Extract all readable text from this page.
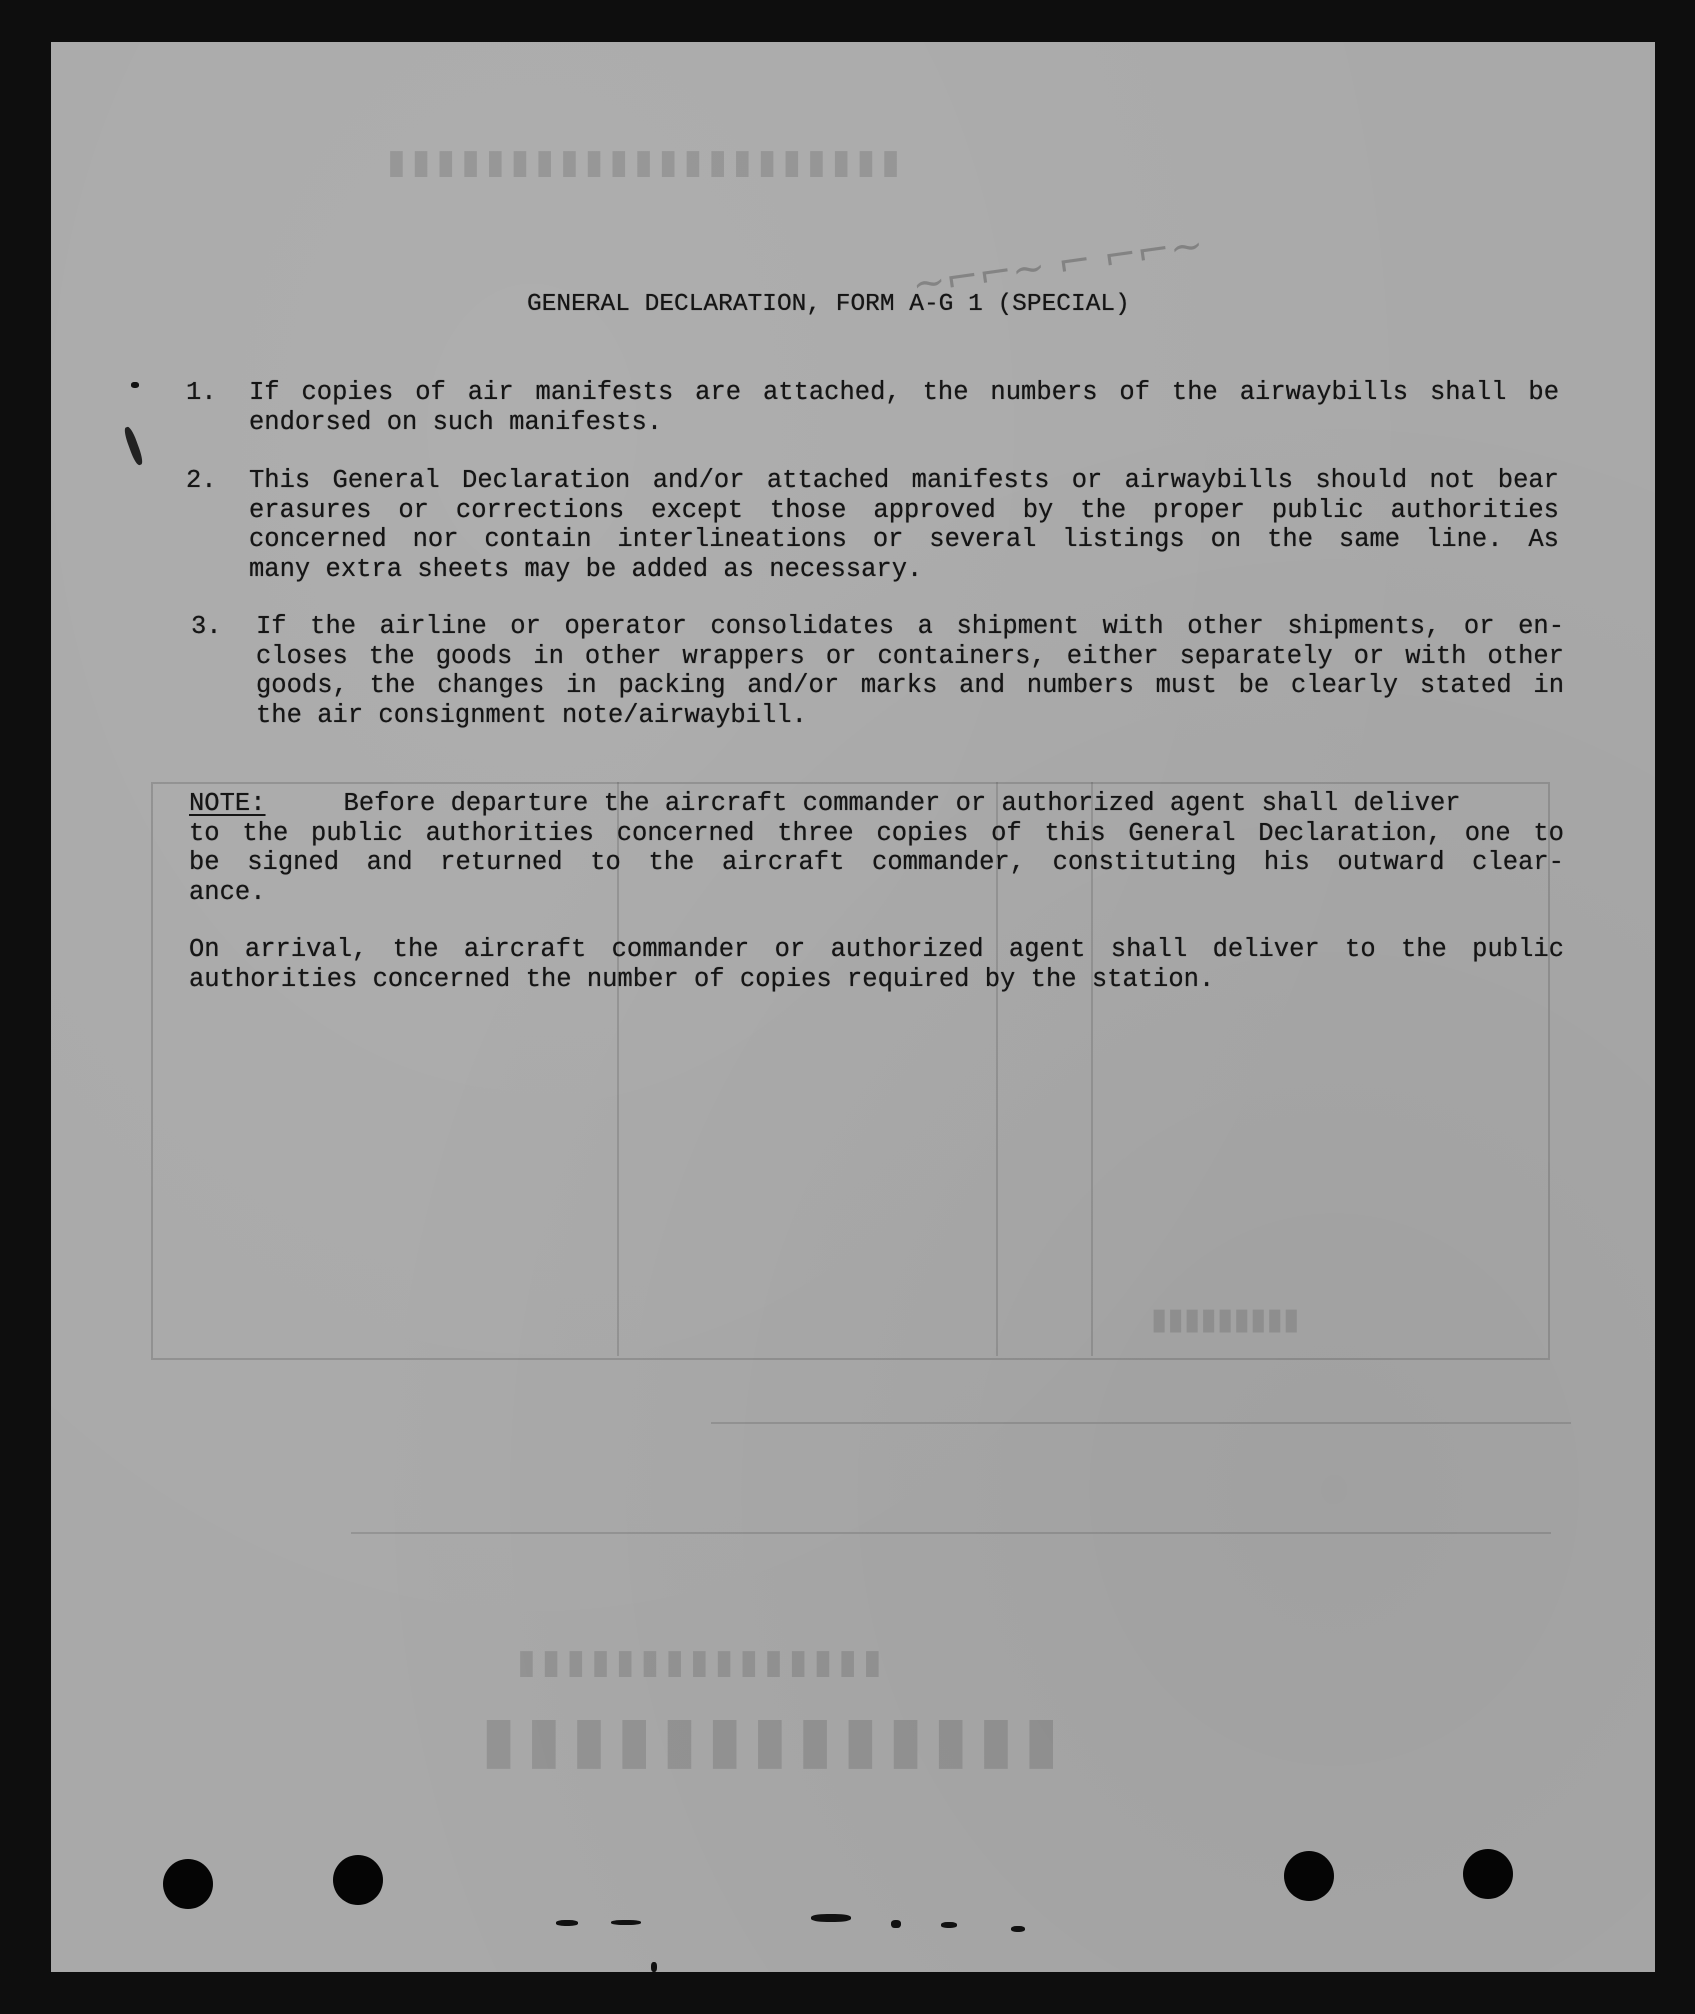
▮▮▮▮▮▮▮▮▮▮▮▮▮
▮▮▮▮▮▮▮▮▮▮▮▮▮▮▮
▮▮▮▮▮▮▮▮▮
▮▮▮▮▮▮▮▮▮▮▮▮▮▮▮▮▮▮▮▮▮
~⌐⌐~ ⌐ ⌐⌐~
GENERAL DECLARATION, FORM A-G 1 (SPECIAL)
1. If copies of air manifests are attached, the numbers of the airwaybills shall be
endorsed on such manifests.
2. This General Declaration and/or attached manifests or airwaybills should not bear
erasures or corrections except those approved by the proper public authorities
concerned nor contain interlineations or several listings on the same line. As
many extra sheets may be added as necessary.
3. If the airline or operator consolidates a shipment with other shipments, or en-
closes the goods in other wrappers or containers, either separately or with other
goods, the changes in packing and/or marks and numbers must be clearly stated in
the air consignment note/airwaybill.
NOTE:	Before departure the aircraft commander or authorized agent shall deliver
to the public authorities concerned three copies of this General Declaration, one to
be signed and returned to the aircraft commander, constituting his outward clear-
ance.
On arrival, the aircraft commander or authorized agent shall deliver to the public
authorities concerned the number of copies required by the station.
